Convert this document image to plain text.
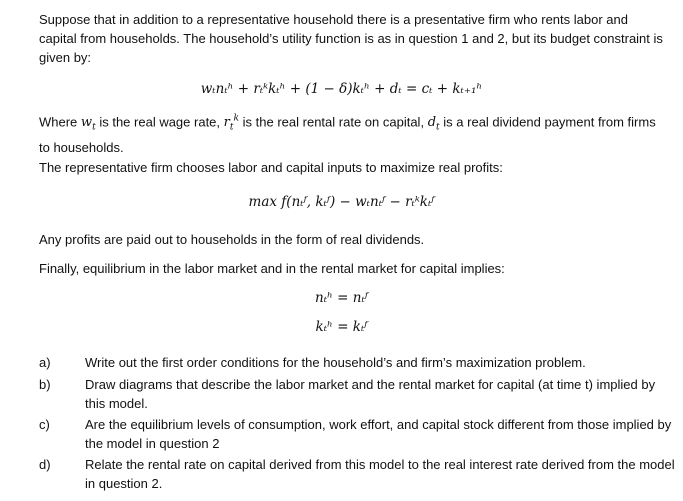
Suppose that in addition to a representative household there is a presentative firm who rents labor and capital from households. The household’s utility function is as in question 1 and 2, but its budget constraint is given by:
wₜnₜʰ + rₜᵏkₜʰ + (1 − δ)kₜʰ + dₜ = cₜ + kₜ₊₁ʰ
Where $w_t$ is the real wage rate, $r_t^k$ is the real rental rate on capital, $d_t$ is a real dividend payment from firms to households.
The representative firm chooses labor and capital inputs to maximize real profits:
max f(nₜᶠ, kₜᶠ) − wₜnₜᶠ − rₜᵏkₜᶠ
Any profits are paid out to households in the form of real dividends.
Finally, equilibrium in the labor market and in the rental market for capital implies:
nₜʰ = nₜᶠ
kₜʰ = kₜᶠ
a)	Write out the first order conditions for the household’s and firm’s maximization problem.
b)	Draw diagrams that describe the labor market and the rental market for capital (at time t) implied by this model.
c)	Are the equilibrium levels of consumption, work effort, and capital stock different from those implied by the model in question 2
d)	Relate the rental rate on capital derived from this model to the real interest rate derived from the model in question 2.
